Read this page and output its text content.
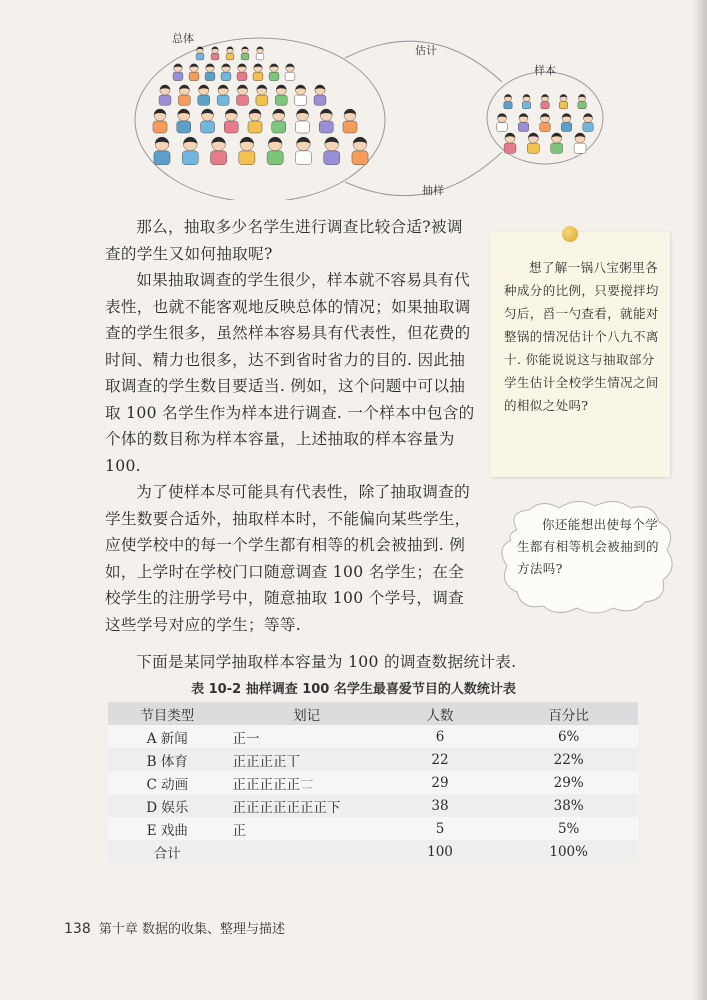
总体
估计
样本
抽样

那么，抽取多少名学生进行调查比较合适?被调查的学生又如何抽取呢?

如果抽取调查的学生很少，样本就不容易具有代表性，也就不能客观地反映总体的情况；如果抽取调查的学生很多，虽然样本容易具有代表性，但花费的时间、精力也很多，达不到省时省力的目的. 因此抽取调查的学生数目要适当. 例如，这个问题中可以抽取 100 名学生作为样本进行调查. 一个样本中包含的个体的数目称为样本容量，上述抽取的样本容量为 100.

为了使样本尽可能具有代表性，除了抽取调查的学生数要合适外，抽取样本时，不能偏向某些学生，应使学校中的每一个学生都有相等的机会被抽到. 例如，上学时在学校门口随意调查 100 名学生；在全校学生的注册学号中，随意抽取 100 个学号，调查这些学号对应的学生；等等.

想了解一锅八宝粥里各种成分的比例，只要搅拌均匀后，舀一勺查看，就能对整锅的情况估计个八九不离十. 你能说说这与抽取部分学生估计全校学生情况之间的相似之处吗?
你还能想出使每个学生都有相等机会被抽到的方法吗?
下面是某同学抽取样本容量为 100 的调查数据统计表.
表 10-2 抽样调查 100 名学生最喜爱节目的人数统计表
节目类型	划记	人数	百分比
A 新闻	正一	6	6%
B 体育	正正正正丅	22	22%
C 动画	正正正正正𠄟	29	29%
D 娱乐	正正正正正正正下	38	38%
E 戏曲	正	5	5%
合计		100	100%
138 第十章 数据的收集、整理与描述
